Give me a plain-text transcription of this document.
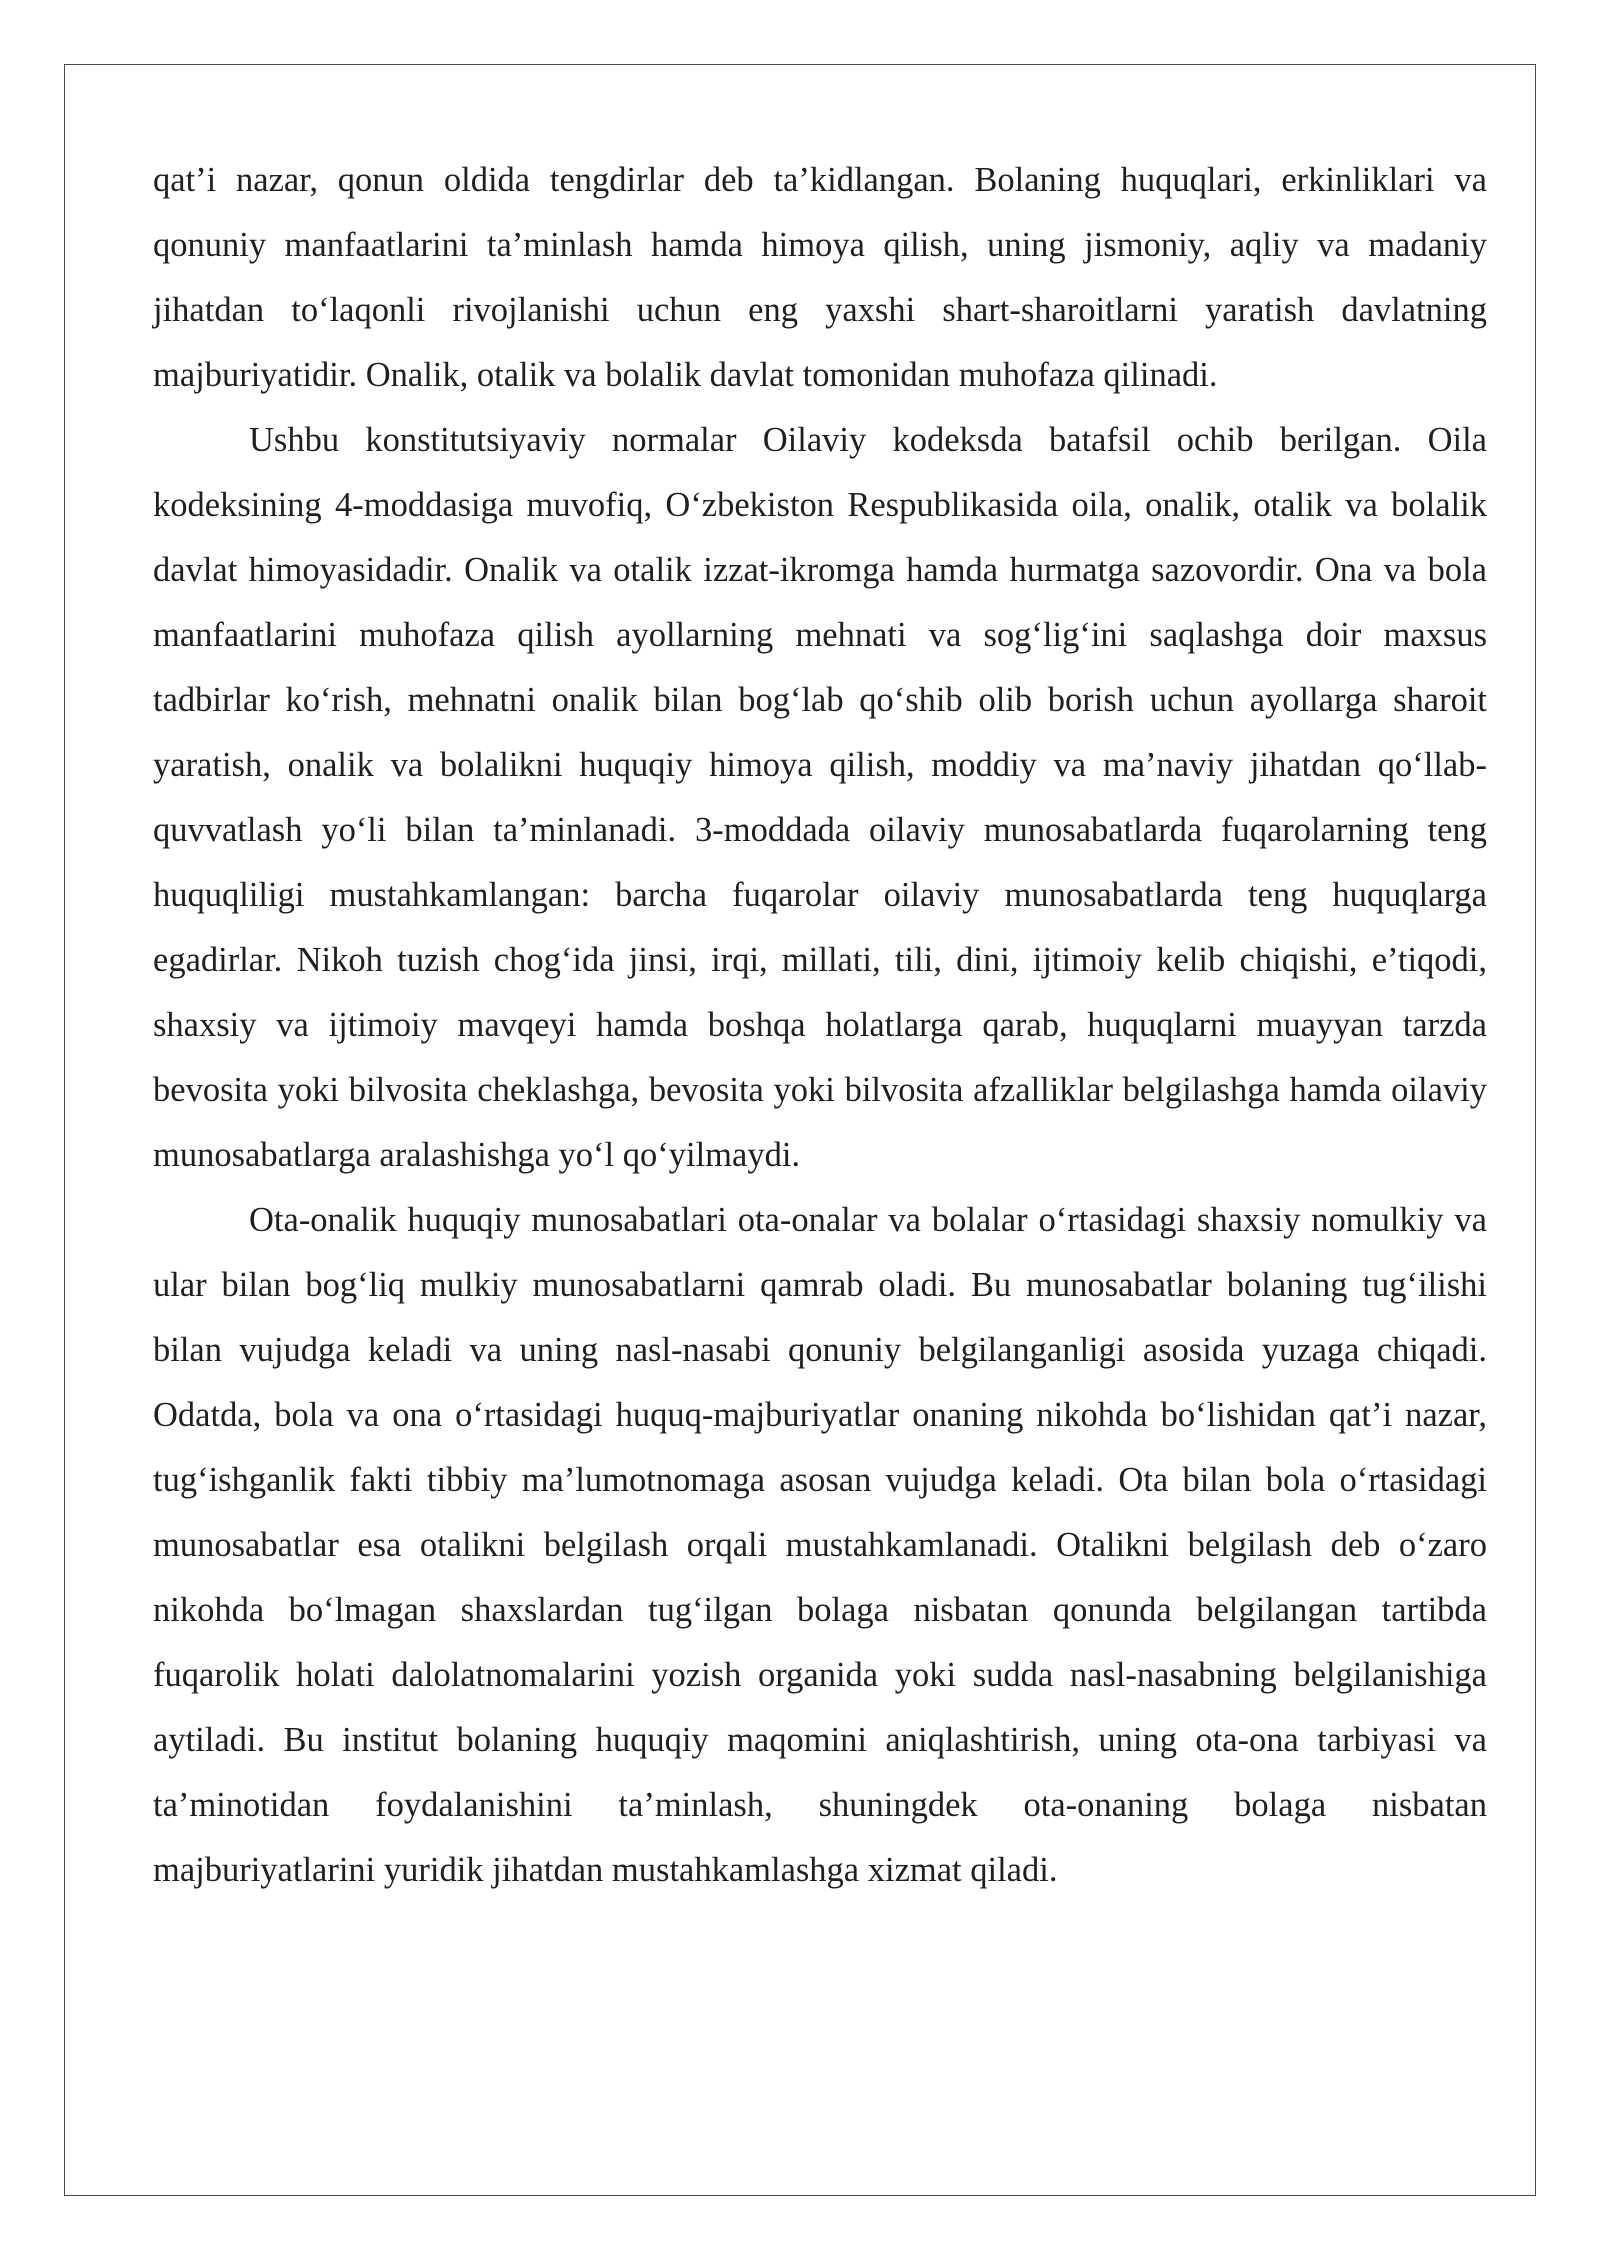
qat’i nazar, qonun oldida tengdirlar deb ta’kidlangan. Bolaning huquqlari, erkinliklari va qonuniy manfaatlarini ta’minlash hamda himoya qilish, uning jismoniy, aqliy va madaniy jihatdan to‘laqonli rivojlanishi uchun eng yaxshi shart-sharoitlarni yaratish davlatning majburiyatidir. Onalik, otalik va bolalik davlat tomonidan muhofaza qilinadi.

Ushbu konstitutsiyaviy normalar Oilaviy kodeksda batafsil ochib berilgan. Oila kodeksining 4-moddasiga muvofiq, O‘zbekiston Respublikasida oila, onalik, otalik va bolalik davlat himoyasidadir. Onalik va otalik izzat-ikromga hamda hurmatga sazovordir. Ona va bola manfaatlarini muhofaza qilish ayollarning mehnati va sog‘lig‘ini saqlashga doir maxsus tadbirlar ko‘rish, mehnatni onalik bilan bog‘lab qo‘shib olib borish uchun ayollarga sharoit yaratish, onalik va bolalikni huquqiy himoya qilish, moddiy va ma’naviy jihatdan qo‘llab-quvvatlash yo‘li bilan ta’minlanadi. 3-moddada oilaviy munosabatlarda fuqarolarning teng huquqliligi mustahkamlangan: barcha fuqarolar oilaviy munosabatlarda teng huquqlarga egadirlar. Nikoh tuzish chog‘ida jinsi, irqi, millati, tili, dini, ijtimoiy kelib chiqishi, e’tiqodi, shaxsiy va ijtimoiy mavqeyi hamda boshqa holatlarga qarab, huquqlarni muayyan tarzda bevosita yoki bilvosita cheklashga, bevosita yoki bilvosita afzalliklar belgilashga hamda oilaviy munosabatlarga aralashishga yo‘l qo‘yilmaydi.

Ota-onalik huquqiy munosabatlari ota-onalar va bolalar o‘rtasidagi shaxsiy nomulkiy va ular bilan bog‘liq mulkiy munosabatlarni qamrab oladi. Bu munosabatlar bolaning tug‘ilishi bilan vujudga keladi va uning nasl-nasabi qonuniy belgilanganligi asosida yuzaga chiqadi. Odatda, bola va ona o‘rtasidagi huquq-majburiyatlar onaning nikohda bo‘lishidan qat’i nazar, tug‘ishganlik fakti tibbiy ma’lumotnomaga asosan vujudga keladi. Ota bilan bola o‘rtasidagi munosabatlar esa otalikni belgilash orqali mustahkamlanadi. Otalikni belgilash deb o‘zaro nikohda bo‘lmagan shaxslardan tug‘ilgan bolaga nisbatan qonunda belgilangan tartibda fuqarolik holati dalolatnomalarini yozish organida yoki sudda nasl-nasabning belgilanishiga aytiladi. Bu institut bolaning huquqiy maqomini aniqlashtirish, uning ota-ona tarbiyasi va ta’minotidan foydalanishini ta’minlash, shuningdek ota-onaning bolaga nisbatan majburiyatlarini yuridik jihatdan mustahkamlashga xizmat qiladi.
